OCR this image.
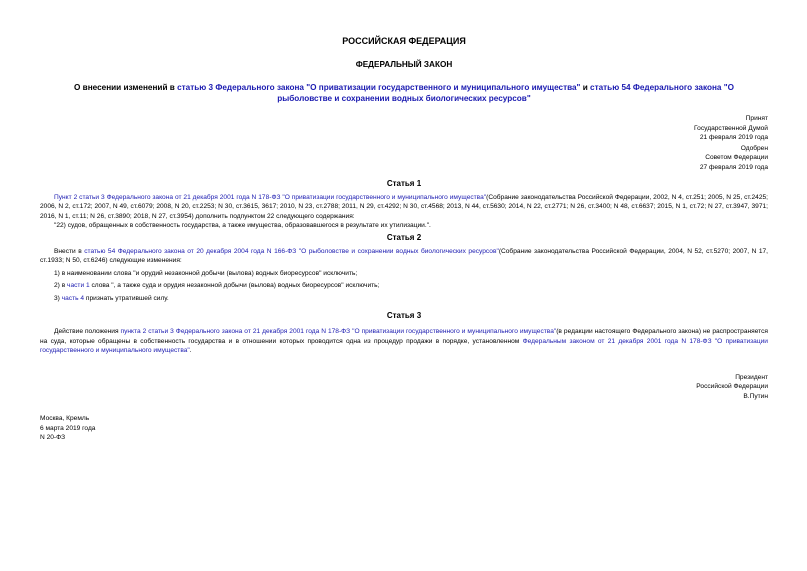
РОССИЙСКАЯ ФЕДЕРАЦИЯ
ФЕДЕРАЛЬНЫЙ ЗАКОН
О внесении изменений в статью 3 Федерального закона "О приватизации государственного и муниципального имущества" и статью 54 Федерального закона "О рыболовстве и сохранении водных биологических ресурсов"
Принят
Государственной Думой
21 февраля 2019 года
Одобрен
Советом Федерации
27 февраля 2019 года
Статья 1

Пункт 2 статьи 3 Федерального закона от 21 декабря 2001 года N 178-ФЗ "О приватизации государственного и муниципального имущества"(Собрание законодательства Российской Федерации, 2002, N 4, ст.251; 2005, N 25, ст.2425; 2006, N 2, ст.172; 2007, N 49, ст.6079; 2008, N 20, ст.2253; N 30, ст.3615, 3617; 2010, N 23, ст.2788; 2011, N 29, ст.4292; N 30, ст.4568; 2013, N 44, ст.5630; 2014, N 22, ст.2771; N 26, ст.3400; N 48, ст.6637; 2015, N 1, ст.72; N 27, ст.3947, 3971; 2016, N 1, ст.11; N 26, ст.3890; 2018, N 27, ст.3954) дополнить подпунктом 22 следующего содержания:

"22) судов, обращенных в собственность государства, а также имущества, образовавшегося в результате их утилизации.".

Статья 2

Внести в статью 54 Федерального закона от 20 декабря 2004 года N 166-ФЗ "О рыболовстве и сохранении водных биологических ресурсов"(Собрание законодательства Российской Федерации, 2004, N 52, ст.5270; 2007, N 17, ст.1933; N 50, ст.6246) следующие изменения:

1) в наименовании слова "и орудий незаконной добычи (вылова) водных биоресурсов" исключить;

2) в части 1 слова ", а также суда и орудия незаконной добычи (вылова) водных биоресурсов" исключить;

3) часть 4 признать утратившей силу.

Статья 3

Действие положения пункта 2 статьи 3 Федерального закона от 21 декабря 2001 года N 178-ФЗ "О приватизации государственного и муниципального имущества"(в редакции настоящего Федерального закона) не распространяется на суда, которые обращены в собственность государства и в отношении которых проводится одна из процедур продажи в порядке, установленном Федеральным законом от 21 декабря 2001 года N 178-ФЗ "О приватизации государственного и муниципального имущества".

Президент
Российской Федерации
В.Путин
Москва, Кремль
6 марта 2019 года
N 20-ФЗ
